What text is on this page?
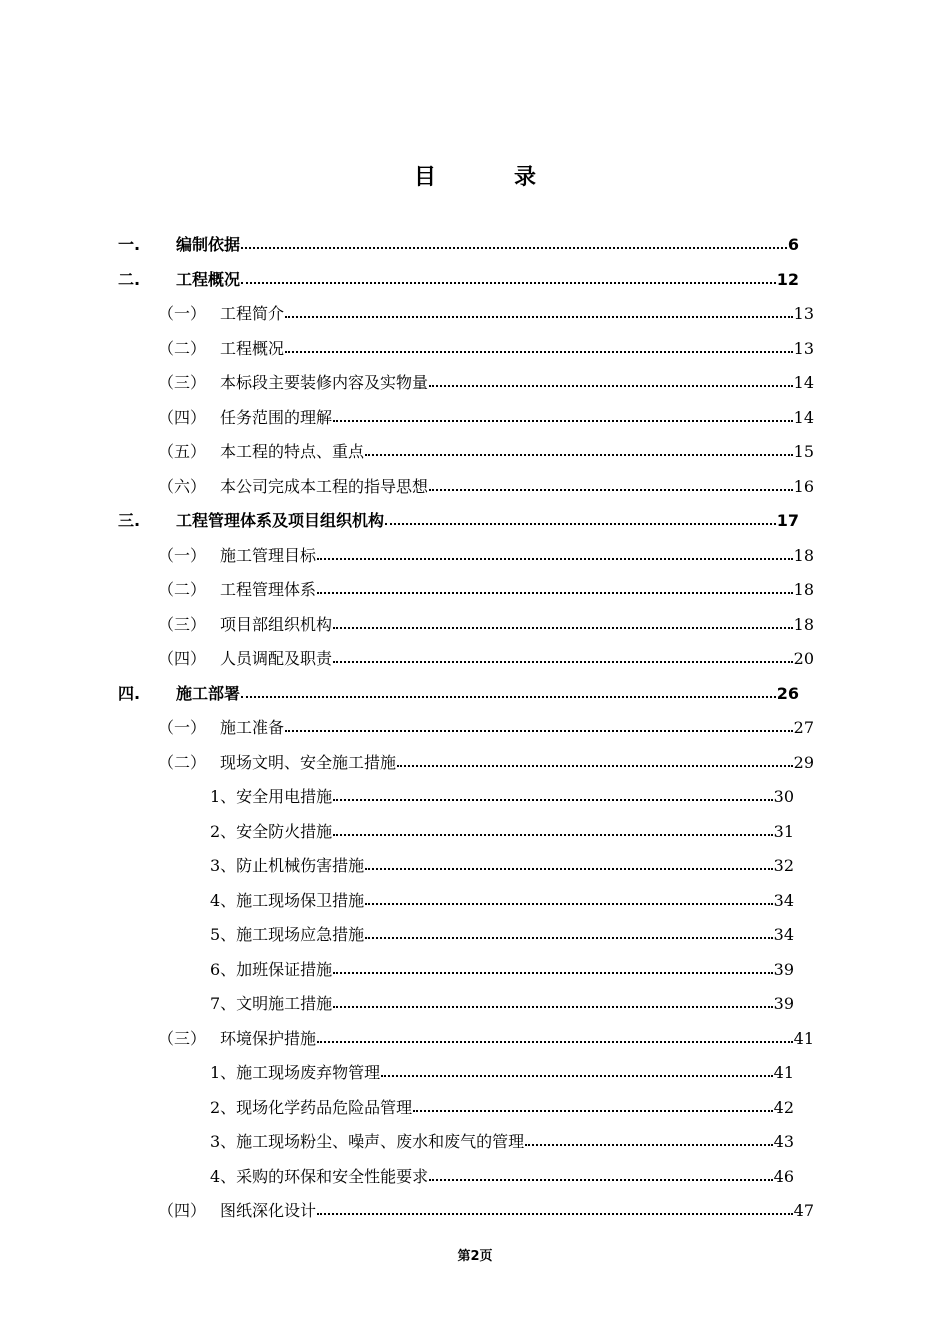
目	录
一.	编制依据	6
二.	工程概况	12
（一） 工程简介	13
（二） 工程概况	13
（三） 本标段主要装修内容及实物量	14
（四） 任务范围的理解	14
（五） 本工程的特点、重点	15
（六） 本公司完成本工程的指导思想	16
三.	工程管理体系及项目组织机构	17
（一） 施工管理目标	18
（二） 工程管理体系	18
（三） 项目部组织机构	18
（四） 人员调配及职责	20
四.	施工部署	26
（一） 施工准备	27
（二） 现场文明、安全施工措施	29
1、安全用电措施	30
2、安全防火措施	31
3、防止机械伤害措施	32
4、施工现场保卫措施	34
5、施工现场应急措施	34
6、加班保证措施	39
7、文明施工措施	39
（三） 环境保护措施	41
1、施工现场废弃物管理	41
2、现场化学药品危险品管理	42
3、施工现场粉尘、噪声、废水和废气的管理	43
4、采购的环保和安全性能要求	46
（四） 图纸深化设计	47
第2页
